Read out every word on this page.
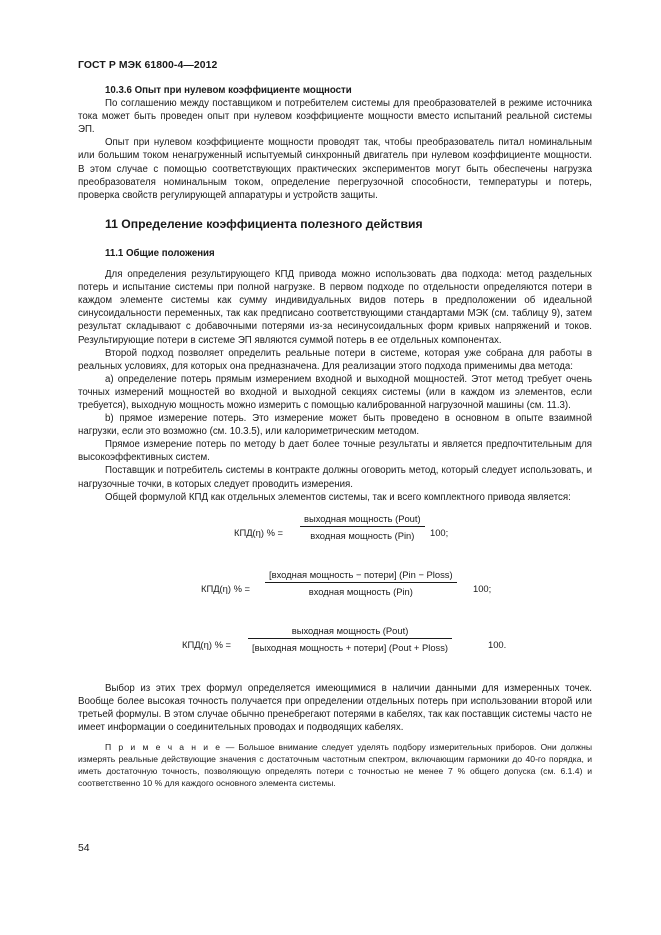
ГОСТ Р МЭК 61800-4—2012
10.3.6 Опыт при нулевом коэффициенте мощности

По соглашению между поставщиком и потребителем системы для преобразователей в режиме источника тока может быть проведен опыт при нулевом коэффициенте мощности вместо испытаний реальной системы ЭП.

Опыт при нулевом коэффициенте мощности проводят так, чтобы преобразователь питал номинальным или большим током ненагруженный испытуемый синхронный двигатель при нулевом коэффициенте мощности. В этом случае с помощью соответствующих практических экспериментов могут быть обеспечены нагрузка преобразователя номинальным током, определение перегрузочной способности, температуры и потерь, проверка свойств регулирующей аппаратуры и устройств защиты.

11 Определение коэффициента полезного действия
11.1 Общие положения

Для определения результирующего КПД привода можно использовать два подхода: метод раздельных потерь и испытание системы при полной нагрузке. В первом подходе по отдельности определяются потери в каждом элементе системы как сумму индивидуальных видов потерь в предположении об идеальной синусоидальности переменных, так как предписано соответствующими стандартами МЭК (см. таблицу 9), затем результат складывают с добавочными потерями из-за несинусоидальных форм кривых напряжений и токов. Результирующие потери в системе ЭП являются суммой потерь в ее отдельных компонентах.

Второй подход позволяет определить реальные потери в системе, которая уже собрана для работы в реальных условиях, для которых она предназначена. Для реализации этого подхода применимы два метода:

a) определение потерь прямым измерением входной и выходной мощностей. Этот метод требует очень точных измерений мощностей во входной и выходной секциях системы (или в каждом из элементов, если требуется), выходную мощность можно измерить с помощью калиброванной нагрузочной машины (см. 11.3).

b) прямое измерение потерь. Это измерение может быть проведено в основном в опыте взаимной нагрузки, если это возможно (см. 10.3.5), или калориметрическим методом.

Прямое измерение потерь по методу b дает более точные результаты и является предпочтительным для высокоэффективных систем.

Поставщик и потребитель системы в контракте должны оговорить метод, который следует использовать, и нагрузочные точки, в которых следует проводить измерения.

Общей формулой КПД как отдельных элементов системы, так и всего комплектного привода является:

КПД(η) % =
выходная мощность (Pout)
входная мощность (Pin)	100;
КПД(η) % =
[входная мощность − потери] (Pin − Ploss)
входная мощность (Pin)	100;
КПД(η) % =
выходная мощность (Pout)
[выходная мощность + потери] (Pout + Ploss)	100.

Выбор из этих трех формул определяется имеющимися в наличии данными для измеренных точек. Вообще более высокая точность получается при определении отдельных потерь при использовании второй или третьей формулы. В этом случае обычно пренебрегают потерями в кабелях, так как поставщик системы часто не имеет информации о соединительных проводах и подводящих кабелях.

П р и м е ч а н и е — Большое внимание следует уделять подбору измерительных приборов. Они должны измерять реальные действующие значения с достаточным частотным спектром, включающим гармоники до 40-го порядка, и иметь достаточную точность, позволяющую определять потери с точностью не менее 7 % общего допуска (см. 6.1.4) и соответственно 10 % для каждого основного элемента системы.

54
